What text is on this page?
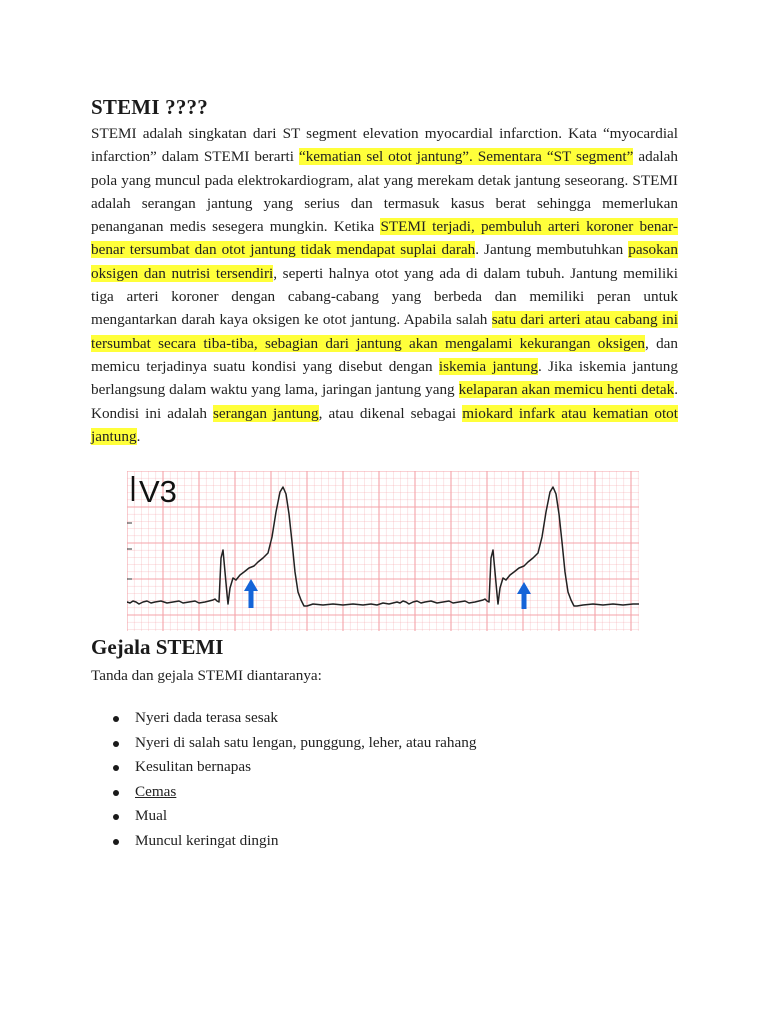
STEMI ????

STEMI adalah singkatan dari ST segment elevation myocardial infarction. Kata “myocardial infarction” dalam STEMI berarti “kematian sel otot jantung”. Sementara “ST segment” adalah pola yang muncul pada elektrokardiogram, alat yang merekam detak jantung seseorang. STEMI adalah serangan jantung yang serius dan termasuk kasus berat sehingga memerlukan penanganan medis sesegera mungkin. Ketika STEMI terjadi, pembuluh arteri koroner benar-benar tersumbat dan otot jantung tidak mendapat suplai darah. Jantung membutuhkan pasokan oksigen dan nutrisi tersendiri, seperti halnya otot yang ada di dalam tubuh. Jantung memiliki tiga arteri koroner dengan cabang-cabang yang berbeda dan memiliki peran untuk mengantarkan darah kaya oksigen ke otot jantung. Apabila salah satu dari arteri atau cabang ini tersumbat secara tiba-tiba, sebagian dari jantung akan mengalami kekurangan oksigen, dan memicu terjadinya suatu kondisi yang disebut dengan iskemia jantung. Jika iskemia jantung berlangsung dalam waktu yang lama, jaringan jantung yang kelaparan akan memicu henti detak. Kondisi ini adalah serangan jantung, atau dikenal sebagai miokard infark atau kematian otot jantung.

V3
Gejala STEMI

Tanda dan gejala STEMI diantaranya:

Nyeri dada terasa sesak
Nyeri di salah satu lengan, punggung, leher, atau rahang
Kesulitan bernapas
Cemas
Mual
Muncul keringat dingin
